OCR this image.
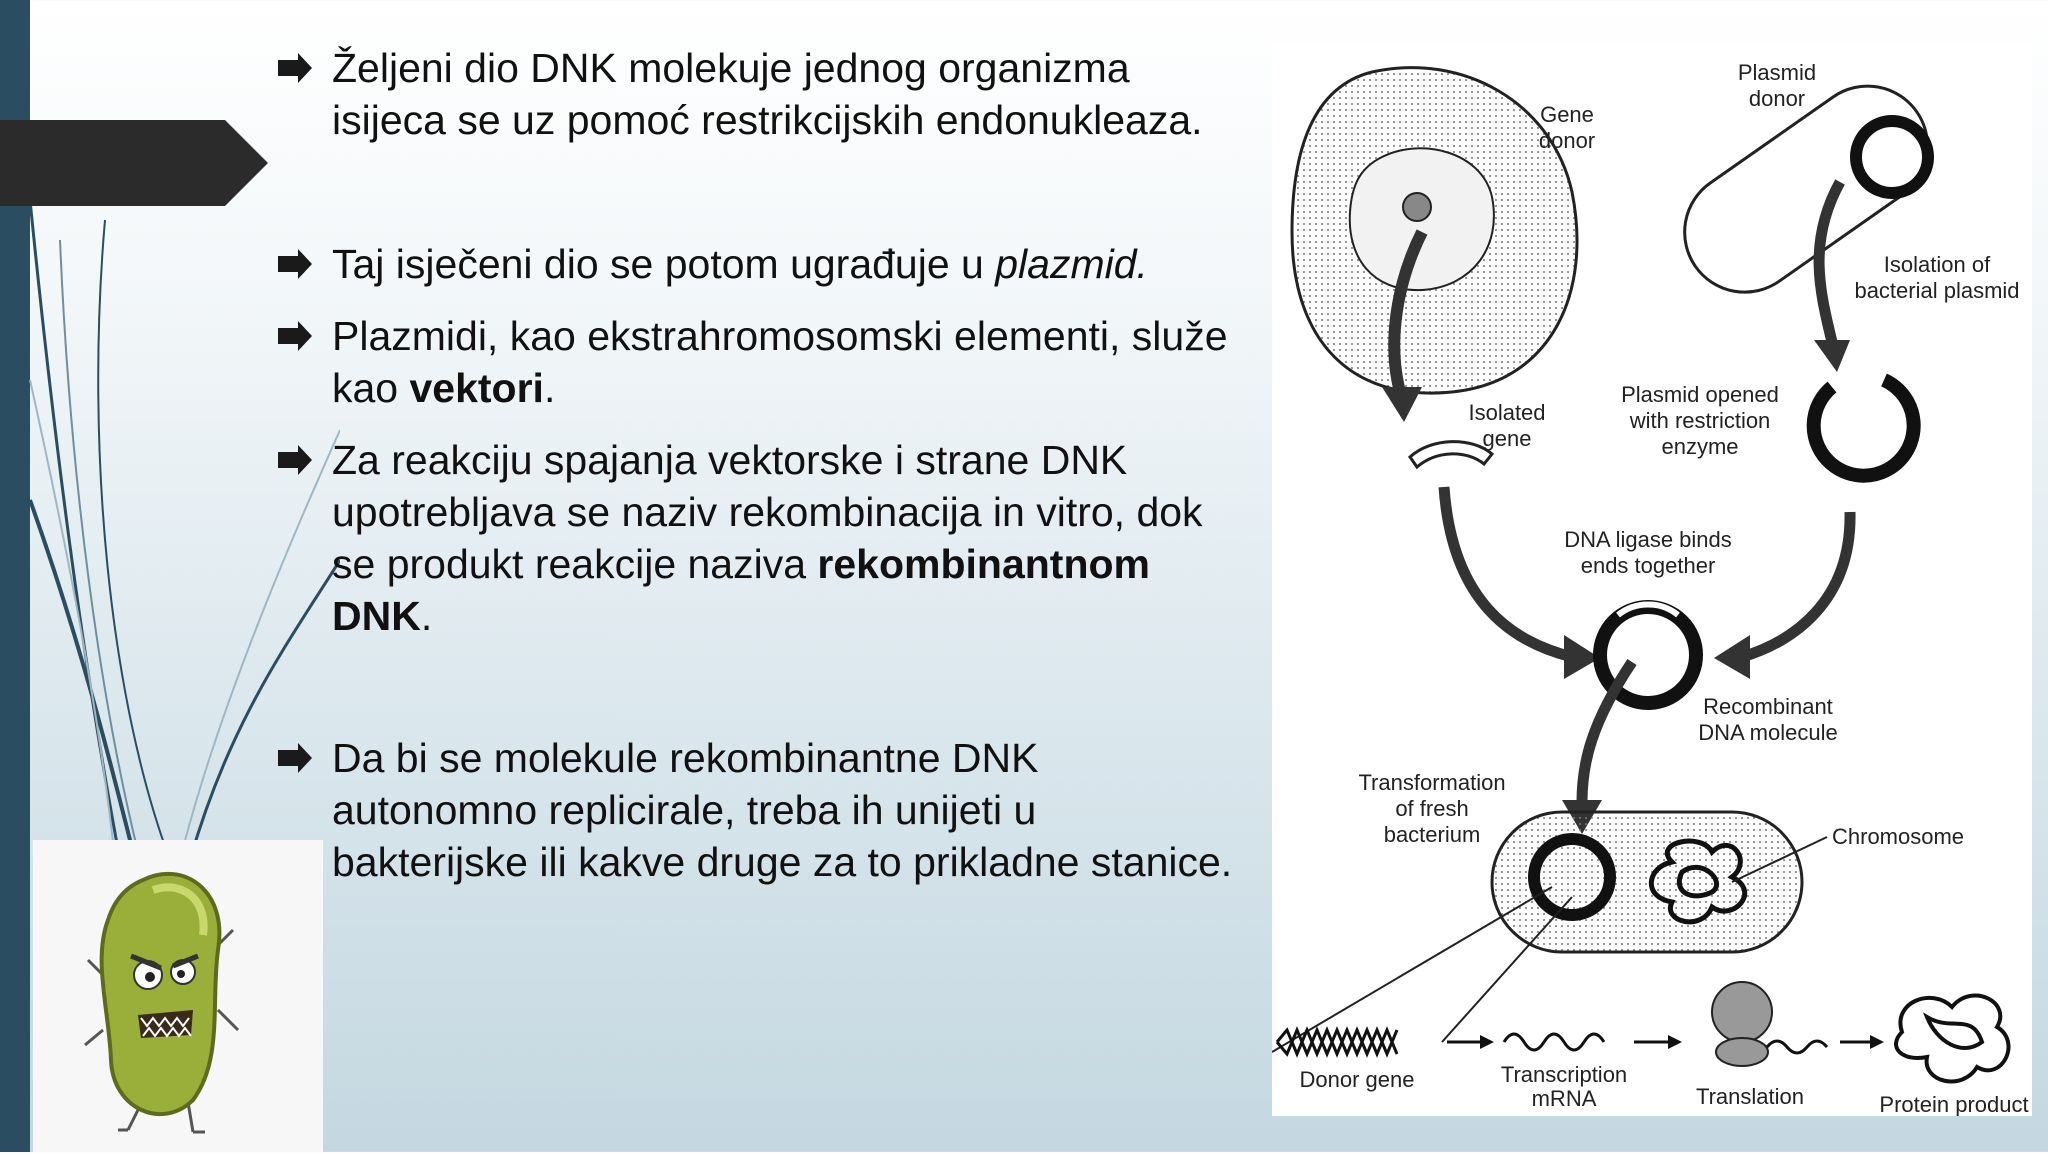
Željeni dio DNK molekuje jednog organizma
isijeca se uz pomoć restrikcijskih endonukleaza.
Taj isječeni dio se potom ugrađuje u plazmid.
Plazmidi, kao ekstrahromosomski elementi, služe
kao vektori.
Za reakciju spajanja vektorske i strane DNK
upotrebljava se naziv rekombinacija in vitro, dok
se produkt reakcije naziva rekombinantnom
DNK.
Da bi se molekule rekombinantne DNK
autonomno replicirale, treba ih unijeti u
bakterijske ili kakve druge za to prikladne stanice.
Gene
donor
Isolated
gene
Plasmid
donor
Isolation of
bacterial plasmid
Plasmid opened
with restriction
enzyme
DNA ligase binds
ends together
Recombinant
DNA molecule
Transformation
of fresh
bacterium	Chromosome
Donor gene	Transcription
mRNA	Translation	Protein product
